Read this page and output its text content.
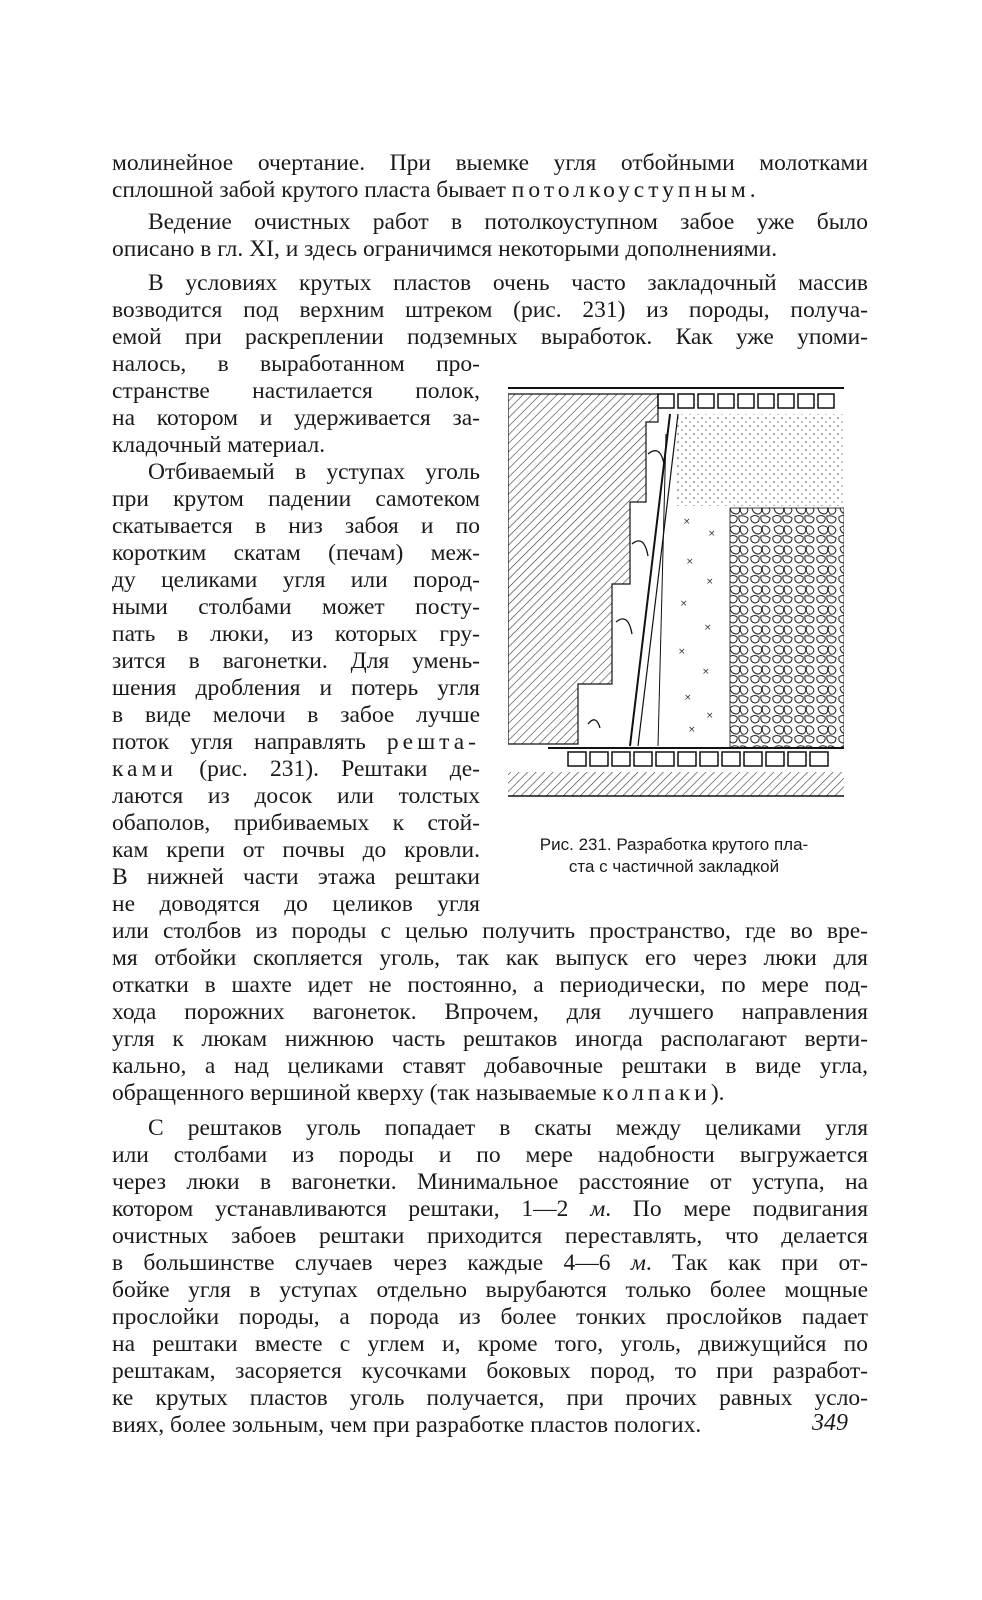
молинейное очертание. При выемке угля отбойными молотками
сплошной забой крутого пласта бывает потолкоуступным.
Ведение очистных работ в потолкоуступном забое уже было
описано в гл. XI, и здесь ограничимся некоторыми дополнениями.
В условиях крутых пластов очень часто закладочный массив
возводится под верхним штреком (рис. 231) из породы, получа-
емой при раскреплении подземных выработок. Как уже упоми-
налось, в выработанном про-
странстве настилается полок,
на котором и удерживается за-
кладочный материал.
Отбиваемый в уступах уголь
при крутом падении самотеком
скатывается в низ забоя и по
коротким скатам (печам) меж-
ду целиками угля или пород-
ными столбами может посту-
пать в люки, из которых гру-
зится в вагонетки. Для умень-
шения дробления и потерь угля
в виде мелочи в забое лучше
поток угля направлять решта-
ками (рис. 231). Рештаки де-
лаются из досок или толстых
обаполов, прибиваемых к стой-
кам крепи от почвы до кровли.
В нижней части этажа рештаки
не доводятся до целиков угля
или столбов из породы с целью получить пространство, где во вре-
мя отбойки скопляется уголь, так как выпуск его через люки для
откатки в шахте идет не постоянно, а периодически, по мере под-
хода порожних вагонеток. Впрочем, для лучшего направления
угля к люкам нижнюю часть рештаков иногда располагают верти-
кально, а над целиками ставят добавочные рештаки в виде угла,
обращенного вершиной кверху (так называемые колпаки).
С рештаков уголь попадает в скаты между целиками угля
или столбами из породы и по мере надобности выгружается
через люки в вагонетки. Минимальное расстояние от уступа, на
котором устанавливаются рештаки, 1—2 м. По мере подвигания
очистных забоев рештаки приходится переставлять, что делается
в большинстве случаев через каждые 4—6 м. Так как при от-
бойке угля в уступах отдельно вырубаются только более мощные
прослойки породы, а порода из более тонких прослойков падает
на рештаки вместе с углем и, кроме того, уголь, движущийся по
рештакам, засоряется кусочками боковых пород, то при разработ-
ке крутых пластов уголь получается, при прочих равных усло-
виях, более зольным, чем при разработке пластов пологих.
×
×
×
×
×
×
×
×
×
×
×
Рис. 231. Разработка крутого пла-
ста с частичной закладкой
349
